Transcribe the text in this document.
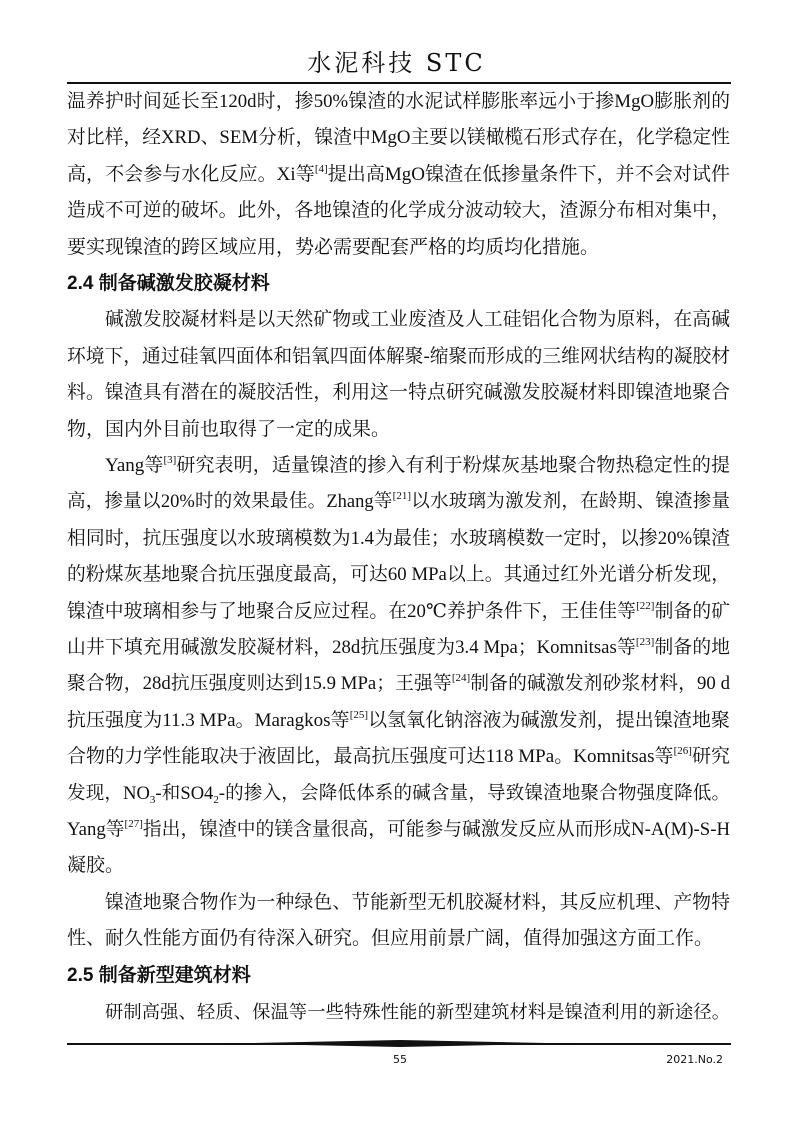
水泥科技 STC
温养护时间延长至120d时，掺50%镍渣的水泥试样膨胀率远小于掺MgO膨胀剂的
对比样，经XRD、SEM分析，镍渣中MgO主要以镁橄榄石形式存在，化学稳定性
高，不会参与水化反应。Xi等[4]提出高MgO镍渣在低掺量条件下，并不会对试件
造成不可逆的破坏。此外，各地镍渣的化学成分波动较大，渣源分布相对集中，
要实现镍渣的跨区域应用，势必需要配套严格的均质均化措施。
2.4 制备碱激发胶凝材料
碱激发胶凝材料是以天然矿物或工业废渣及人工硅铝化合物为原料，在高碱
环境下，通过硅氧四面体和铝氧四面体解聚-缩聚而形成的三维网状结构的凝胶材
料。镍渣具有潜在的凝胶活性，利用这一特点研究碱激发胶凝材料即镍渣地聚合
物，国内外目前也取得了一定的成果。
Yang等[3]研究表明，适量镍渣的掺入有利于粉煤灰基地聚合物热稳定性的提
高，掺量以20%时的效果最佳。Zhang等[21]以水玻璃为激发剂，在龄期、镍渣掺量
相同时，抗压强度以水玻璃模数为1.4为最佳；水玻璃模数一定时，以掺20%镍渣
的粉煤灰基地聚合抗压强度最高，可达60 MPa以上。其通过红外光谱分析发现，
镍渣中玻璃相参与了地聚合反应过程。在20℃养护条件下，王佳佳等[22]制备的矿
山井下填充用碱激发胶凝材料，28d抗压强度为3.4 Mpa；Komnitsas等[23]制备的地
聚合物，28d抗压强度则达到15.9 MPa；王强等[24]制备的碱激发剂砂浆材料，90 d
抗压强度为11.3 MPa。Maragkos等[25]以氢氧化钠溶液为碱激发剂，提出镍渣地聚
合物的力学性能取决于液固比，最高抗压强度可达118 MPa。Komnitsas等[26]研究
发现，$NO_3-$和$SO4_2-$的掺入，会降低体系的碱含量，导致镍渣地聚合物强度降低。
Yang等[27]指出，镍渣中的镁含量很高，可能参与碱激发反应从而形成N-A(M)-S-H
凝胶。
镍渣地聚合物作为一种绿色、节能新型无机胶凝材料，其反应机理、产物特
性、耐久性能方面仍有待深入研究。但应用前景广阔，值得加强这方面工作。
2.5 制备新型建筑材料
研制高强、轻质、保温等一些特殊性能的新型建筑材料是镍渣利用的新途径。
55	2021.No.2
